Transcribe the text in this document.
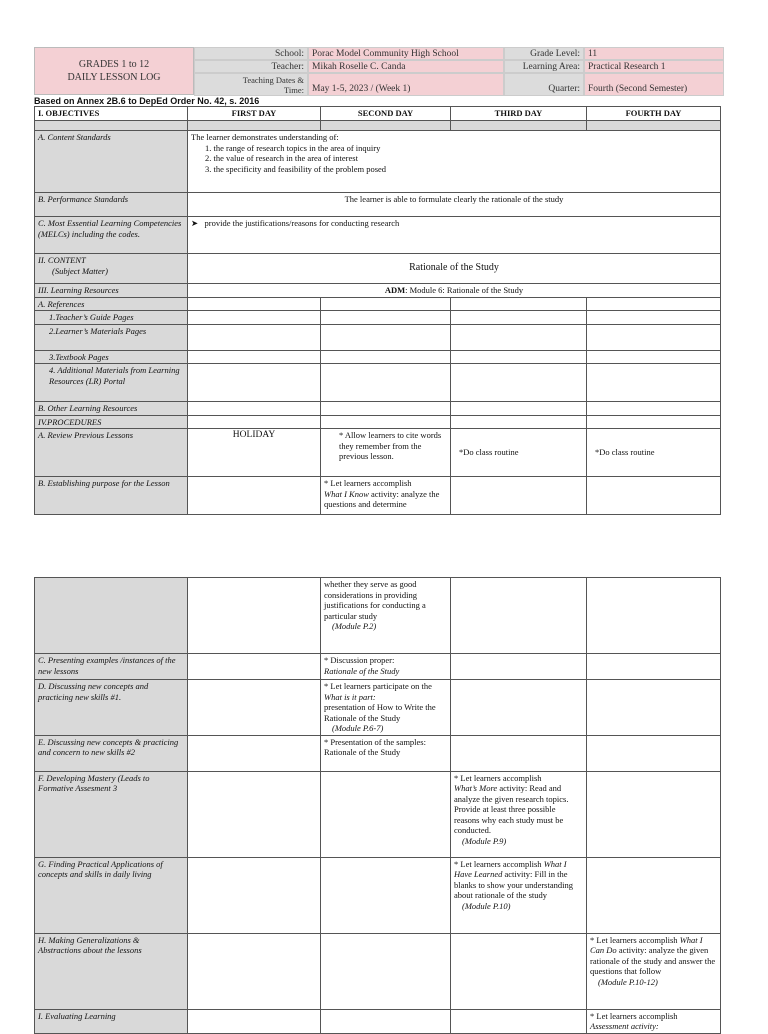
GRADES 1 to 12
DAILY LESSON LOG
School: Porac Model Community High School	Grade Level: 11
Teacher: Mikah Roselle C. Canda	Learning Area: Practical Research 1
Teaching Dates &
Time: May 1-5, 2023 / (Week 1)	Quarter: Fourth (Second Semester)
Based on Annex 2B.6 to DepEd Order No. 42, s. 2016
I. OBJECTIVES	FIRST DAY	SECOND DAY	THIRD DAY	FOURTH DAY

A. Content Standards	The learner demonstrates understanding of:
1. the range of research topics in the area of inquiry
2. the value of research in the area of interest
3. the specificity and feasibility of the problem posed			

B. Performance Standards	The learner is able to formulate clearly the rationale of the study			
C. Most Essential Learning Competencies (MELCs) including the codes.	➤ provide the justifications/reasons for conducting research			

II. CONTENT
(Subject Matter)	Rationale of the Study			
III. Learning Resources	ADM: Module 6: Rationale of the Study			
A. References				
1.Teacher’s Guide Pages				
2.Learner’s Materials Pages				
3.Textbook Pages				
4. Additional Materials from Learning Resources (LR) Portal				
B. Other Learning Resources				
IV.PROCEDURES				
A. Review Previous Lessons	HOLIDAY	* Allow learners to cite words they remember from the previous lesson.	*Do class routine	*Do class routine
B. Establishing purpose for the Lesson		* Let learners accomplish
What I Know activity: analyze the questions and determine		

		whether they serve as good considerations in providing justifications for conducting a particular study
(Module P.2)		

C. Presenting examples /instances of the new lessons		* Discussion proper:
Rationale of the Study		

D. Discussing new concepts and practicing new skills #1.		* Let learners participate on the
What is it part:
presentation of How to Write the Rationale of the Study
(Module P.6-7)		

E. Discussing new concepts & practicing and concern to new skills #2		* Presentation of the samples: Rationale of the Study		
F. Developing Mastery (Leads to Formative Assesment 3			* Let learners accomplish
What’s More activity: Read and analyze the given research topics. Provide at least three possible reasons why each study must be conducted.
(Module P.9)	

G. Finding Practical Applications of concepts and skills in daily living			* Let learners accomplish What I Have Learned activity: Fill in the blanks to show your understanding about rationale of the study
(Module P.10)	

H. Making Generalizations & Abstractions about the lessons				* Let learners accomplish What I Can Do activity: analyze the given rationale of the study and answer the questions that follow
(Module P.10-12)

I. Evaluating Learning				* Let learners accomplish
Assessment activity:
